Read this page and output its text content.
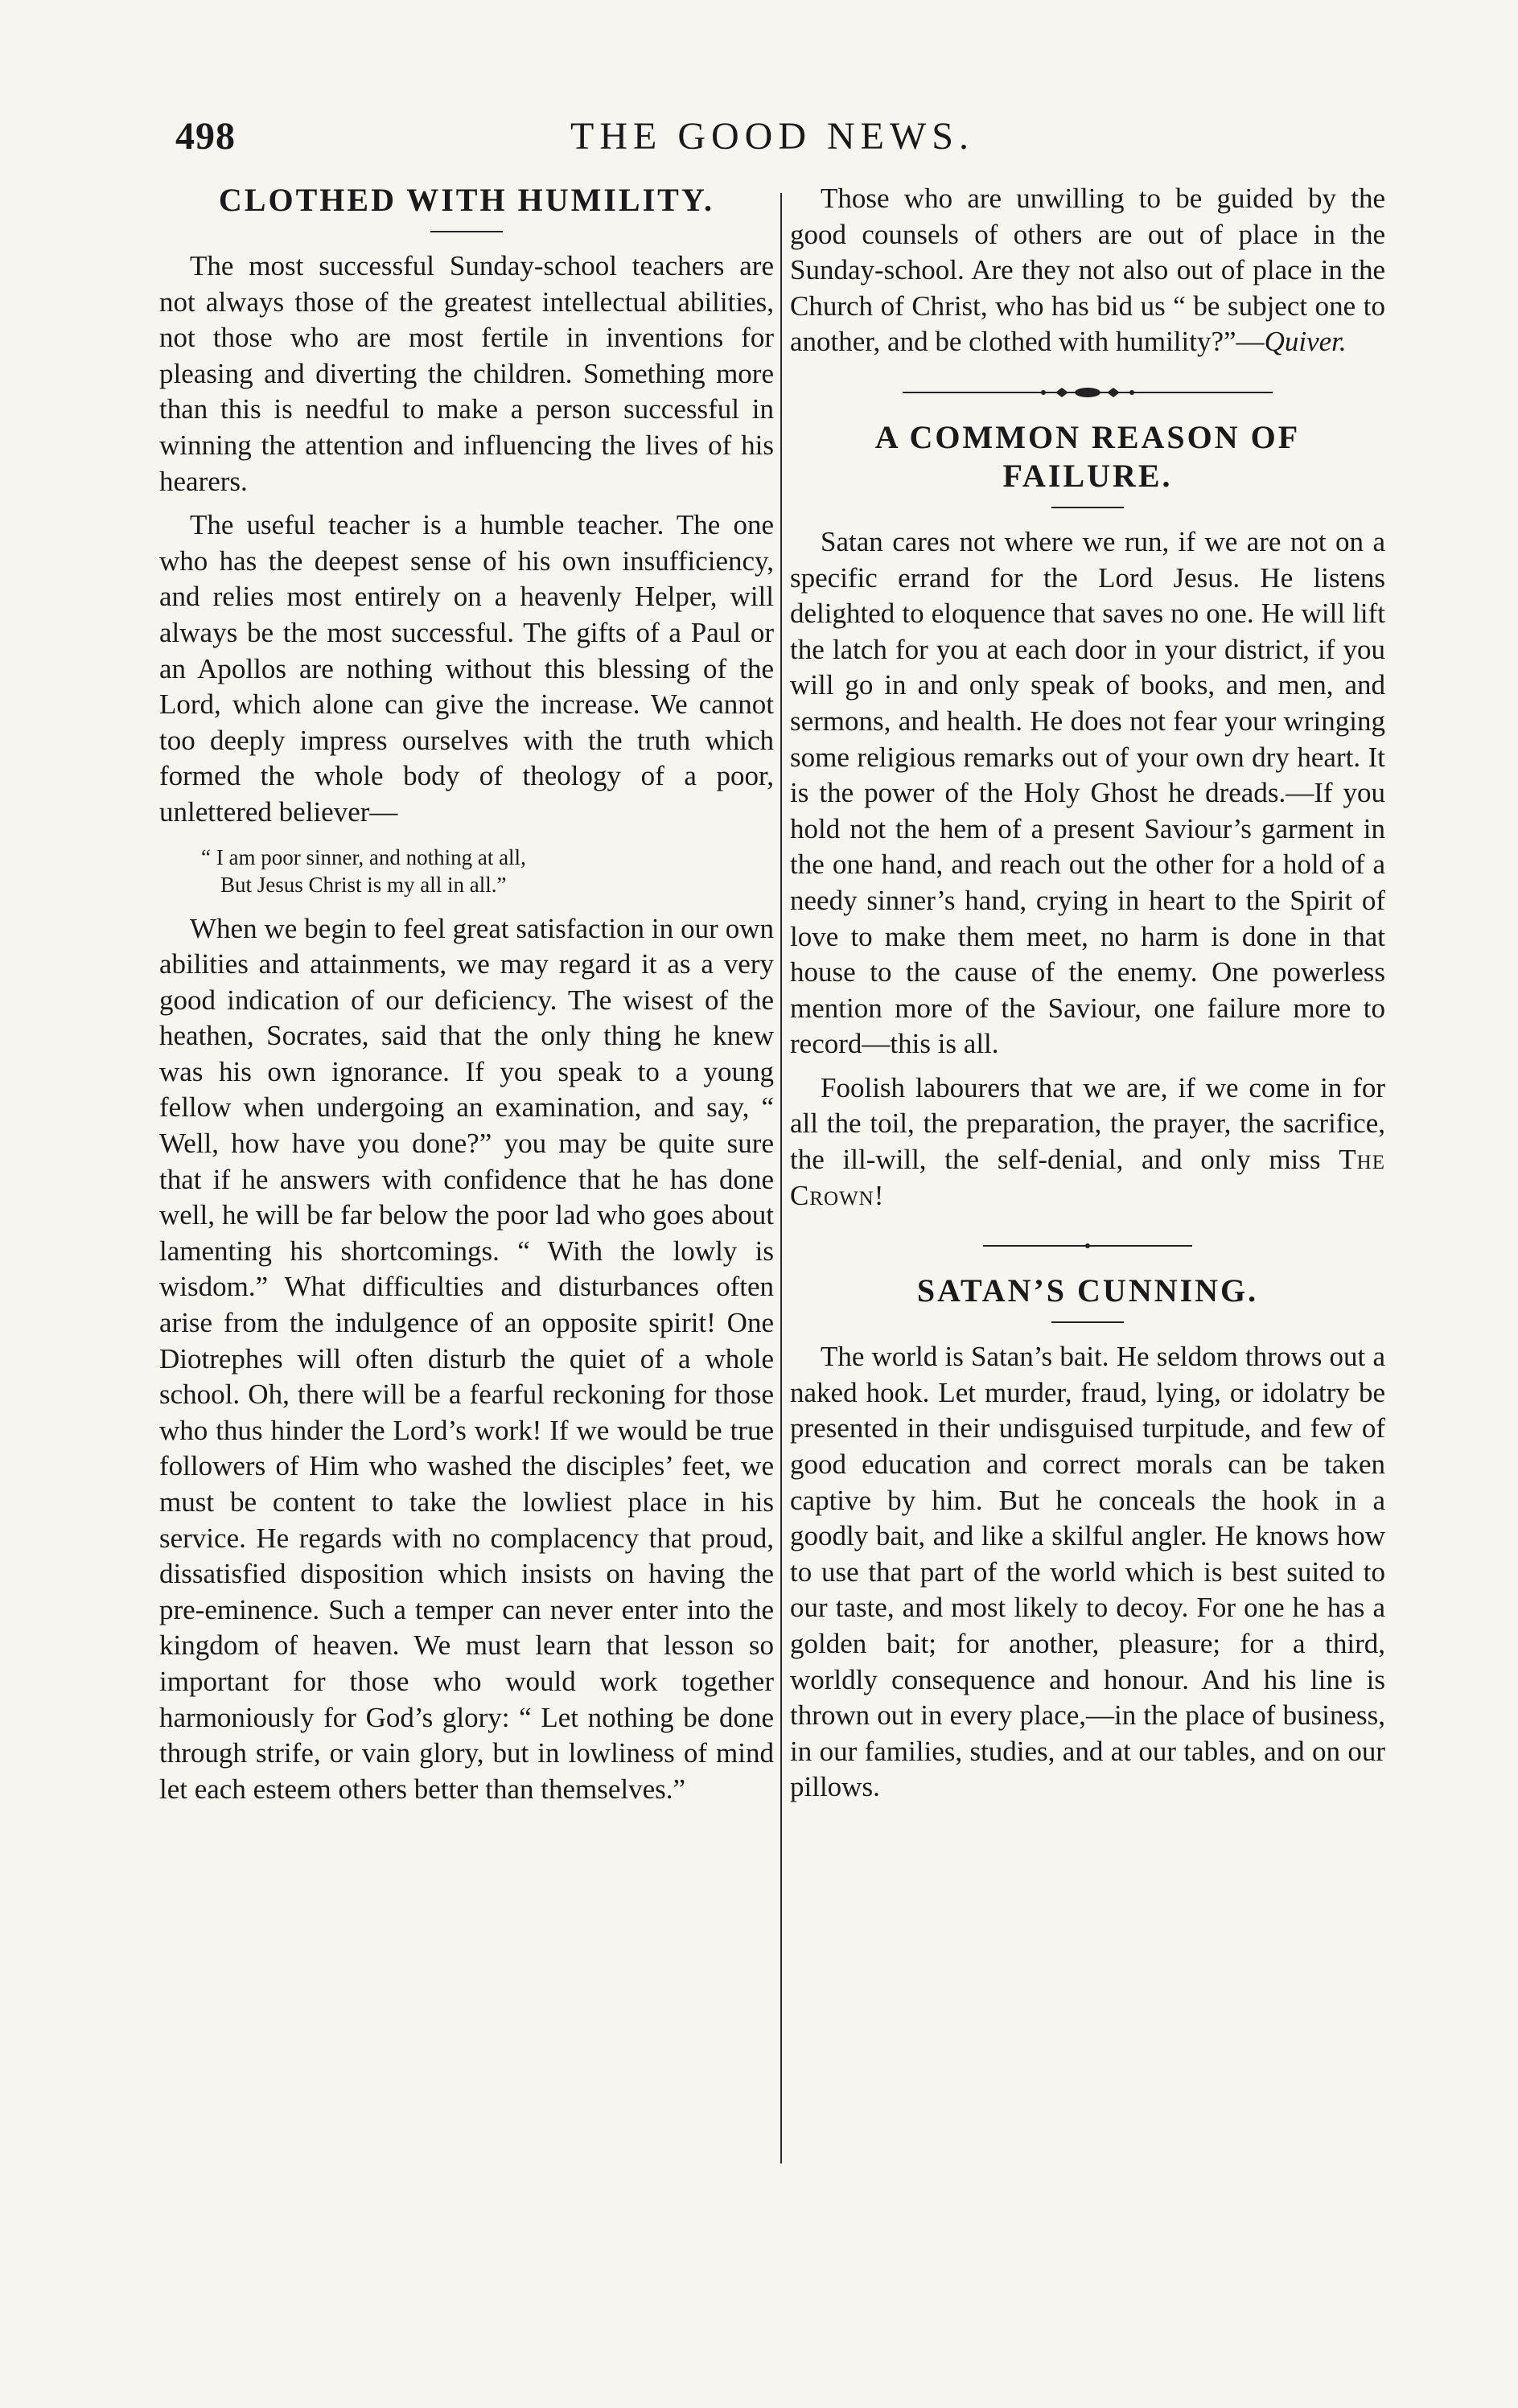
498	THE GOOD NEWS.
CLOTHED WITH HUMILITY.

The most successful Sunday-school teachers are not always those of the greatest intellectual abilities, not those who are most fertile in inventions for pleasing and diverting the children. Something more than this is needful to make a person successful in winning the attention and influencing the lives of his hearers.

The useful teacher is a humble teacher. The one who has the deepest sense of his own insufficiency, and relies most entirely on a heavenly Helper, will always be the most successful. The gifts of a Paul or an Apollos are nothing without this blessing of the Lord, which alone can give the increase. We cannot too deeply impress ourselves with the truth which formed the whole body of theology of a poor, unlettered believer—

“ I am poor sinner, and nothing at all,
But Jesus Christ is my all in all.”

When we begin to feel great satisfaction in our own abilities and attainments, we may regard it as a very good indication of our deficiency. The wisest of the heathen, Socrates, said that the only thing he knew was his own ignorance. If you speak to a young fellow when undergoing an examination, and say, “ Well, how have you done?” you may be quite sure that if he answers with confidence that he has done well, he will be far below the poor lad who goes about lamenting his shortcomings. “ With the lowly is wisdom.” What difficulties and disturbances often arise from the indulgence of an opposite spirit! One Diotrephes will often disturb the quiet of a whole school. Oh, there will be a fearful reckoning for those who thus hinder the Lord’s work! If we would be true followers of Him who washed the disciples’ feet, we must be content to take the lowliest place in his service. He regards with no complacency that proud, dissatisfied disposition which insists on having the pre-eminence. Such a temper can never enter into the kingdom of heaven. We must learn that lesson so important for those who would work together harmoniously for God’s glory: “ Let nothing be done through strife, or vain glory, but in lowliness of mind let each esteem others better than themselves.”

Those who are unwilling to be guided by the good counsels of others are out of place in the Sunday-school. Are they not also out of place in the Church of Christ, who has bid us “ be subject one to another, and be clothed with humility?”—Quiver.

A COMMON REASON OF
FAILURE.

Satan cares not where we run, if we are not on a specific errand for the Lord Jesus. He listens delighted to eloquence that saves no one. He will lift the latch for you at each door in your district, if you will go in and only speak of books, and men, and sermons, and health. He does not fear your wringing some religious remarks out of your own dry heart. It is the power of the Holy Ghost he dreads.—If you hold not the hem of a present Saviour’s garment in the one hand, and reach out the other for a hold of a needy sinner’s hand, crying in heart to the Spirit of love to make them meet, no harm is done in that house to the cause of the enemy. One powerless mention more of the Saviour, one failure more to record—this is all.

Foolish labourers that we are, if we come in for all the toil, the preparation, the prayer, the sacrifice, the ill-will, the self-denial, and only miss The Crown!

SATAN’S CUNNING.

The world is Satan’s bait. He seldom throws out a naked hook. Let murder, fraud, lying, or idolatry be presented in their undisguised turpitude, and few of good education and correct morals can be taken captive by him. But he conceals the hook in a goodly bait, and like a skilful angler. He knows how to use that part of the world which is best suited to our taste, and most likely to decoy. For one he has a golden bait; for another, pleasure; for a third, worldly consequence and honour. And his line is thrown out in every place,—in the place of business, in our families, studies, and at our tables, and on our pillows.
